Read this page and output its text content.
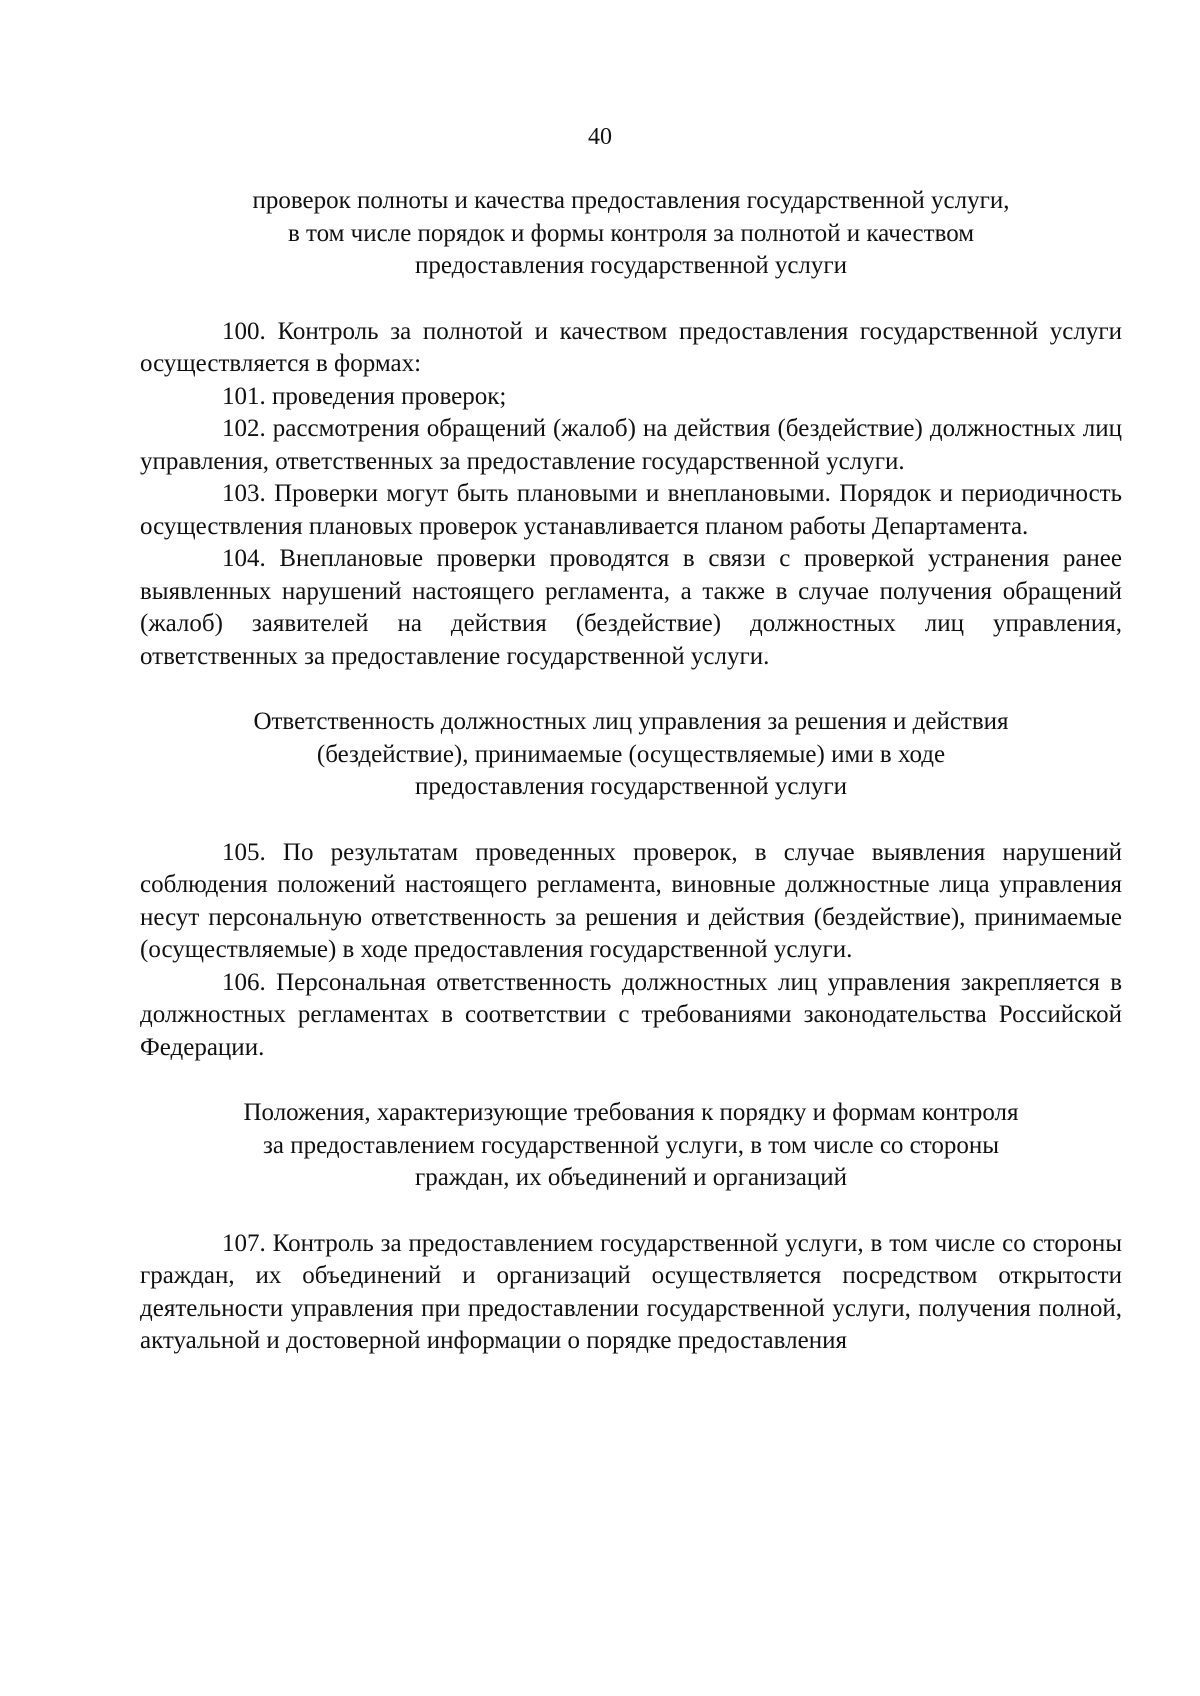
40
проверок полноты и качества предоставления государственной услуги,
в том числе порядок и формы контроля за полнотой и качеством
предоставления государственной услуги

100. Контроль за полнотой и качеством предоставления государственной услуги осуществляется в формах:

101. проведения проверок;

102. рассмотрения обращений (жалоб) на действия (бездействие) должностных лиц управления, ответственных за предоставление государственной услуги.

103. Проверки могут быть плановыми и внеплановыми. Порядок и периодичность осуществления плановых проверок устанавливается планом работы Департамента.

104. Внеплановые проверки проводятся в связи с проверкой устранения ранее выявленных нарушений настоящего регламента, а также в случае получения обращений (жалоб) заявителей на действия (бездействие) должностных лиц управления, ответственных за предоставление государственной услуги.

Ответственность должностных лиц управления за решения и действия
(бездействие), принимаемые (осуществляемые) ими в ходе
предоставления государственной услуги

105. По результатам проведенных проверок, в случае выявления нарушений соблюдения положений настоящего регламента, виновные должностные лица управления несут персональную ответственность за решения и действия (бездействие), принимаемые (осуществляемые) в ходе предоставления государственной услуги.

106. Персональная ответственность должностных лиц управления закрепляется в должностных регламентах в соответствии с требованиями законодательства Российской Федерации.

Положения, характеризующие требования к порядку и формам контроля
за предоставлением государственной услуги, в том числе со стороны
граждан, их объединений и организаций

107. Контроль за предоставлением государственной услуги, в том числе со стороны граждан, их объединений и организаций осуществляется посредством открытости деятельности управления при предоставлении государственной услуги, получения полной, актуальной и достоверной информации о порядке предоставления
